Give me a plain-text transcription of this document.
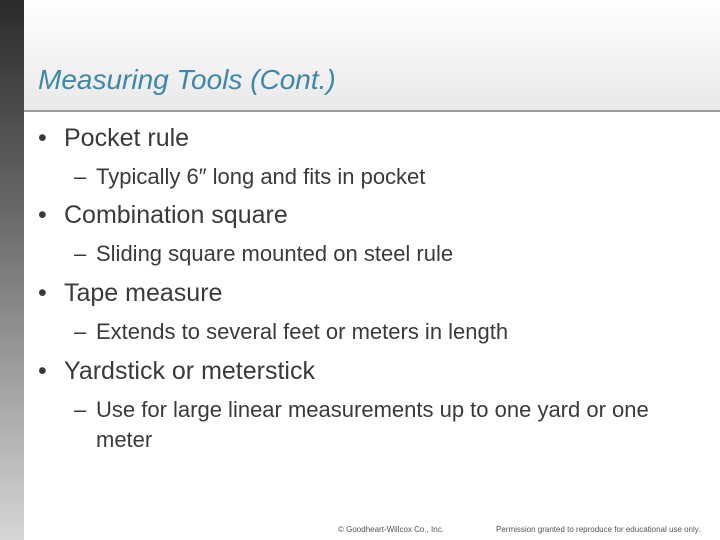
Measuring Tools (Cont.)
• Pocket rule
– Typically 6″ long and fits in pocket
• Combination square
– Sliding square mounted on steel rule
• Tape measure
– Extends to several feet or meters in length
• Yardstick or meterstick
– Use for large linear measurements up to one yard or one meter
© Goodheart-Willcox Co., Inc.	Permission granted to reproduce for educational use only.
